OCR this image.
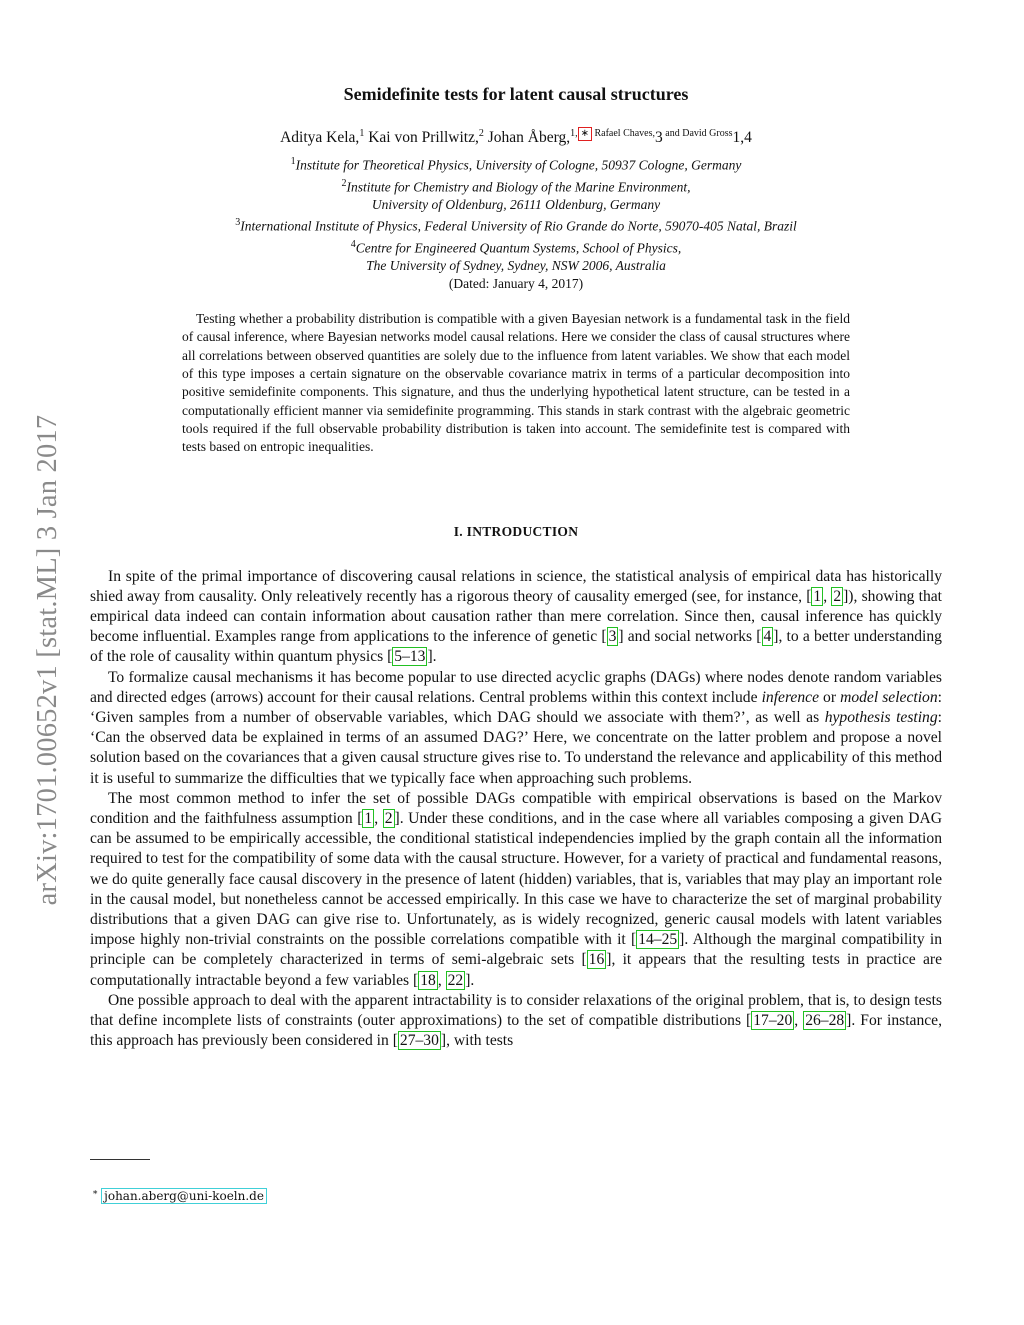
arXiv:1701.00652v1 [stat.ML] 3 Jan 2017
Semidefinite tests for latent causal structures
Aditya Kela,$^1$ Kai von Prillwitz,$^2$ Johan Åberg,$^{1,}$ ∗ $^{Rafael Chaves,}$3 $^{and David Gross}$1,4
$^1$Institute for Theoretical Physics, University of Cologne, 50937 Cologne, Germany
$^2$Institute for Chemistry and Biology of the Marine Environment,
University of Oldenburg, 26111 Oldenburg, Germany
$^3$International Institute of Physics, Federal University of Rio Grande do Norte, 59070-405 Natal, Brazil
$^4$Centre for Engineered Quantum Systems, School of Physics,
The University of Sydney, Sydney, NSW 2006, Australia
(Dated: January 4, 2017)
Testing whether a probability distribution is compatible with a given Bayesian network is a fundamental task in the field of causal inference, where Bayesian networks model causal relations. Here we consider the class of causal structures where all correlations between observed quantities are solely due to the influence from latent variables. We show that each model of this type imposes a certain signature on the observable covariance matrix in terms of a particular decomposition into positive semidefinite components. This signature, and thus the underlying hypothetical latent structure, can be tested in a computationally efficient manner via semidefinite programming. This stands in stark contrast with the algebraic geometric tools required if the full observable probability distribution is taken into account. The semidefinite test is compared with tests based on entropic inequalities.
I. INTRODUCTION

In spite of the primal importance of discovering causal relations in science, the statistical analysis of empirical data has historically shied away from causality. Only releatively recently has a rigorous theory of causality emerged (see, for instance, [ 1 , 2 ]), showing that empirical data indeed can contain information about causation rather than mere correlation. Since then, causal inference has quickly become influential. Examples range from applications to the inference of genetic [ 3 ] and social networks [ 4 ], to a better understanding of the role of causality within quantum physics [ 5–13 ].

To formalize causal mechanisms it has become popular to use directed acyclic graphs (DAGs) where nodes denote random variables and directed edges (arrows) account for their causal relations. Central problems within this context include inference or model selection: ‘Given samples from a number of observable variables, which DAG should we associate with them?’, as well as hypothesis testing: ‘Can the observed data be explained in terms of an assumed DAG?’ Here, we concentrate on the latter problem and propose a novel solution based on the covariances that a given causal structure gives rise to. To understand the relevance and applicability of this method it is useful to summarize the difficulties that we typically face when approaching such problems.

The most common method to infer the set of possible DAGs compatible with empirical observations is based on the Markov condition and the faithfulness assumption [ 1 , 2 ]. Under these conditions, and in the case where all variables composing a given DAG can be assumed to be empirically accessible, the conditional statistical independencies implied by the graph contain all the information required to test for the compatibility of some data with the causal structure. However, for a variety of practical and fundamental reasons, we do quite generally face causal discovery in the presence of latent (hidden) variables, that is, variables that may play an important role in the causal model, but nonetheless cannot be accessed empirically. In this case we have to characterize the set of marginal probability distributions that a given DAG can give rise to. Unfortunately, as is widely recognized, generic causal models with latent variables impose highly non-trivial constraints on the possible correlations compatible with it [ 14–25 ]. Although the marginal compatibility in principle can be completely characterized in terms of semi-algebraic sets [ 16 ], it appears that the resulting tests in practice are computationally intractable beyond a few variables [ 18 , 22 ].

One possible approach to deal with the apparent intractability is to consider relaxations of the original problem, that is, to design tests that define incomplete lists of constraints (outer approximations) to the set of compatible distributions [ 17–20 , 26–28 ]. For instance, this approach has previously been considered in [ 27–30 ], with tests

∗ johan.aberg@uni-koeln.de
